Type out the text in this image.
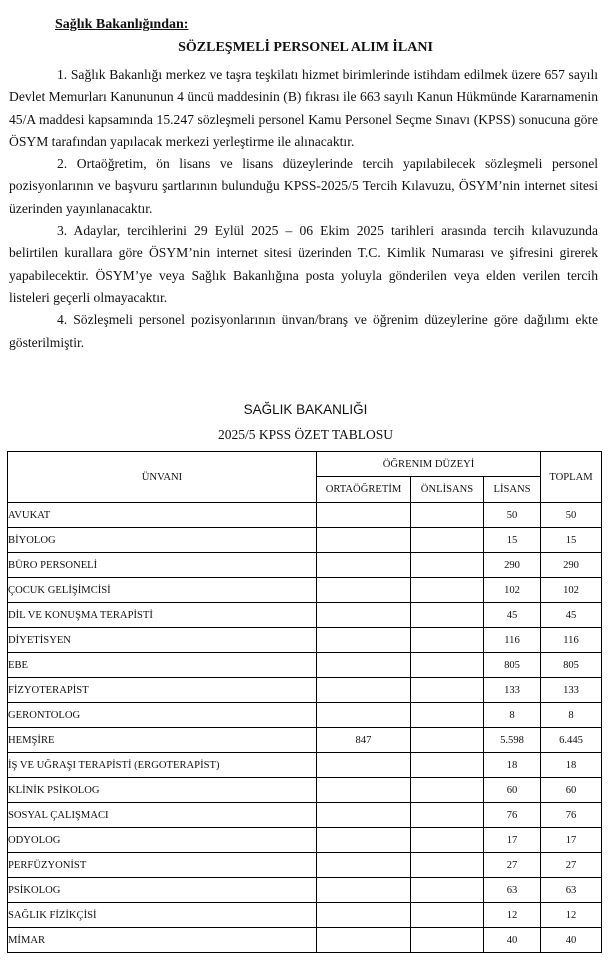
Sağlık Bakanlığından:
SÖZLEŞMELİ PERSONEL ALIM İLANI

1. Sağlık Bakanlığı merkez ve taşra teşkilatı hizmet birimlerinde istihdam edilmek üzere 657 sayılı Devlet Memurları Kanununun 4 üncü maddesinin (B) fıkrası ile 663 sayılı Kanun Hükmünde Kararnamenin 45/A maddesi kapsamında 15.247 sözleşmeli personel Kamu Personel Seçme Sınavı (KPSS) sonucuna göre ÖSYM tarafından yapılacak merkezi yerleştirme ile alınacaktır.

2. Ortaöğretim, ön lisans ve lisans düzeylerinde tercih yapılabilecek sözleşmeli personel pozisyonlarının ve başvuru şartlarının bulunduğu KPSS-2025/5 Tercih Kılavuzu, ÖSYM’nin internet sitesi üzerinden yayınlanacaktır.

3. Adaylar, tercihlerini 29 Eylül 2025 – 06 Ekim 2025 tarihleri arasında tercih kılavuzunda belirtilen kurallara göre ÖSYM’nin internet sitesi üzerinden T.C. Kimlik Numarası ve şifresini girerek yapabilecektir. ÖSYM’ye veya Sağlık Bakanlığına posta yoluyla gönderilen veya elden verilen tercih listeleri geçerli olmayacaktır.

4. Sözleşmeli personel pozisyonlarının ünvan/branş ve öğrenim düzeylerine göre dağılımı ekte gösterilmiştir.

SAĞLIK BAKANLIĞI
2025/5 KPSS ÖZET TABLOSU
ÜNVANI	ÖĞRENIM DÜZEYİ			TOPLAM
	ORTAÖĞRETİM	ÖNLİSANS	LİSANS	
AVUKAT			50	50
BİYOLOG			15	15
BÜRO PERSONELİ			290	290
ÇOCUK GELİŞİMCİSİ			102	102
DİL VE KONUŞMA TERAPİSTİ			45	45
DİYETİSYEN			116	116
EBE			805	805
FİZYOTERAPİST			133	133
GERONTOLOG			8	8
HEMŞİRE	847		5.598	6.445
İŞ VE UĞRAŞI TERAPİSTİ (ERGOTERAPİST)			18	18
KLİNİK PSİKOLOG			60	60
SOSYAL ÇALIŞMACI			76	76
ODYOLOG			17	17
PERFÜZYONİST			27	27
PSİKOLOG			63	63
SAĞLIK FİZİKÇİSİ			12	12
MİMAR			40	40
